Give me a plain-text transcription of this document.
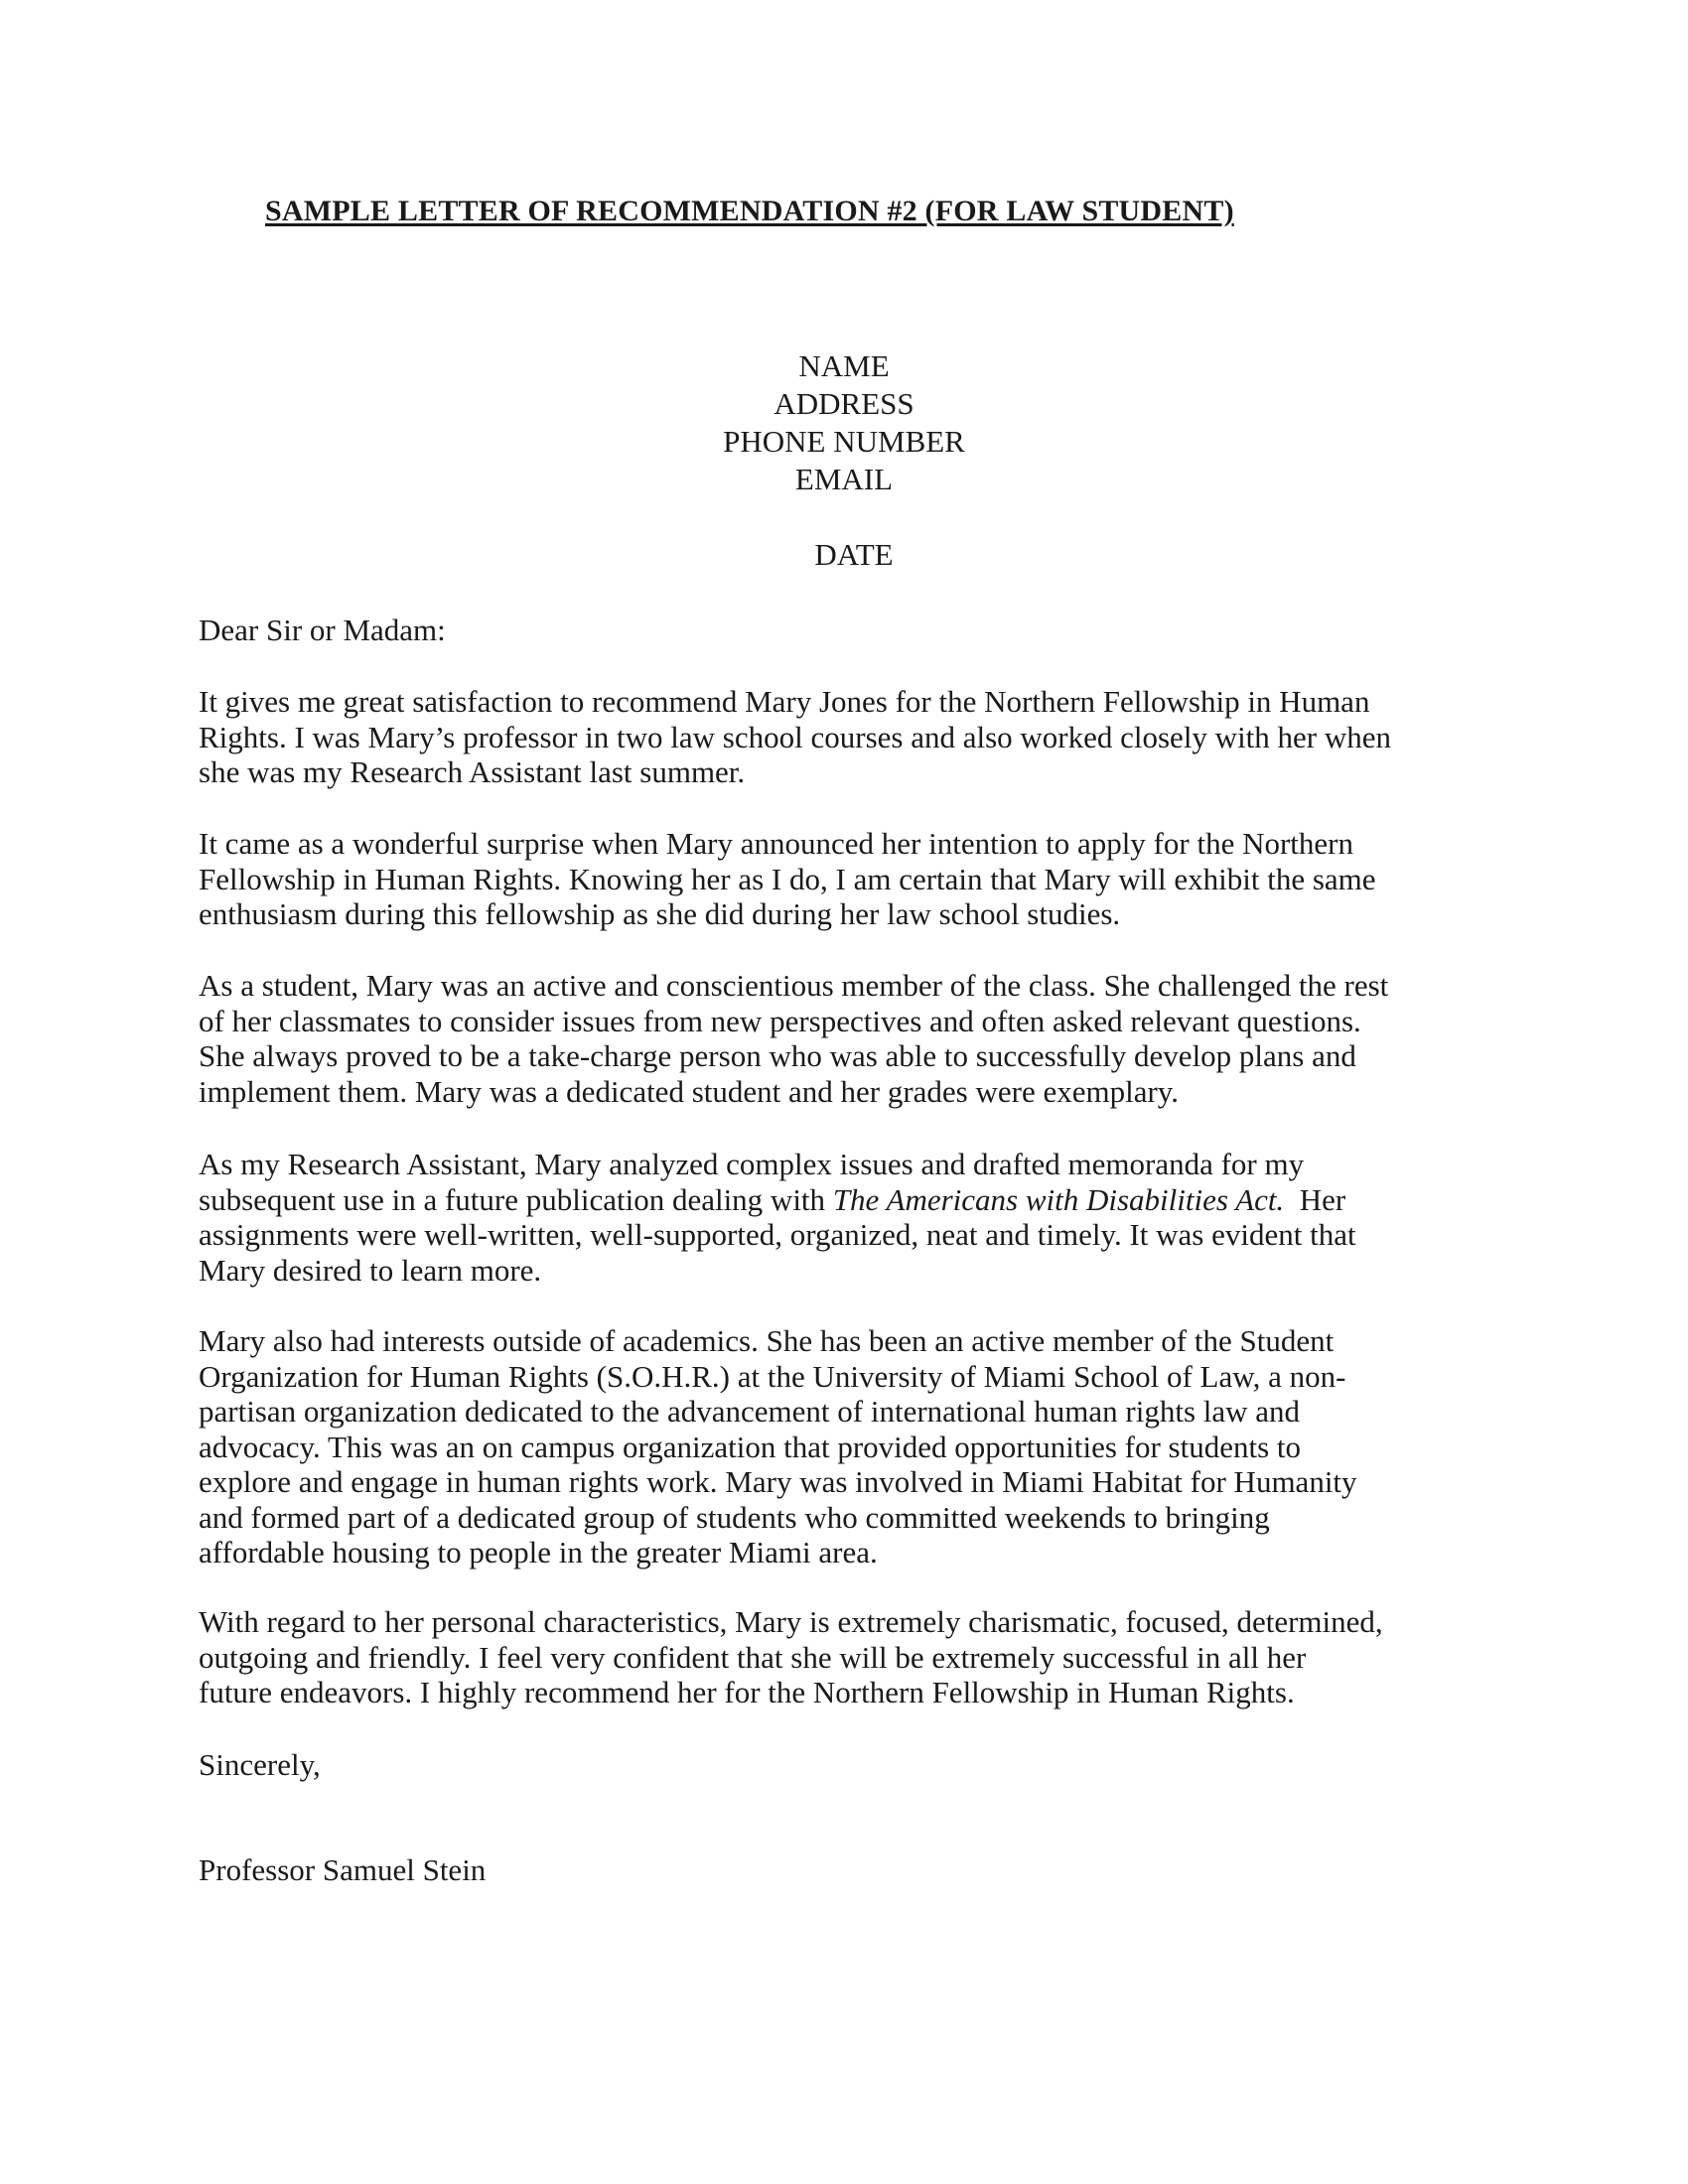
SAMPLE LETTER OF RECOMMENDATION #2 (FOR LAW STUDENT)
NAME
ADDRESS
PHONE NUMBER
EMAIL
DATE
Dear Sir or Madam:
It gives me great satisfaction to recommend Mary Jones for the Northern Fellowship in Human
Rights. I was Mary’s professor in two law school courses and also worked closely with her when
she was my Research Assistant last summer.
It came as a wonderful surprise when Mary announced her intention to apply for the Northern
Fellowship in Human Rights. Knowing her as I do, I am certain that Mary will exhibit the same
enthusiasm during this fellowship as she did during her law school studies.
As a student, Mary was an active and conscientious member of the class. She challenged the rest
of her classmates to consider issues from new perspectives and often asked relevant questions.
She always proved to be a take-charge person who was able to successfully develop plans and
implement them. Mary was a dedicated student and her grades were exemplary.
As my Research Assistant, Mary analyzed complex issues and drafted memoranda for my
subsequent use in a future publication dealing with The Americans with Disabilities Act.  Her
assignments were well-written, well-supported, organized, neat and timely. It was evident that
Mary desired to learn more.
Mary also had interests outside of academics. She has been an active member of the Student
Organization for Human Rights (S.O.H.R.) at the University of Miami School of Law, a non-
partisan organization dedicated to the advancement of international human rights law and
advocacy. This was an on campus organization that provided opportunities for students to
explore and engage in human rights work. Mary was involved in Miami Habitat for Humanity
and formed part of a dedicated group of students who committed weekends to bringing
affordable housing to people in the greater Miami area.
With regard to her personal characteristics, Mary is extremely charismatic, focused, determined,
outgoing and friendly. I feel very confident that she will be extremely successful in all her
future endeavors. I highly recommend her for the Northern Fellowship in Human Rights.
Sincerely,
Professor Samuel Stein
